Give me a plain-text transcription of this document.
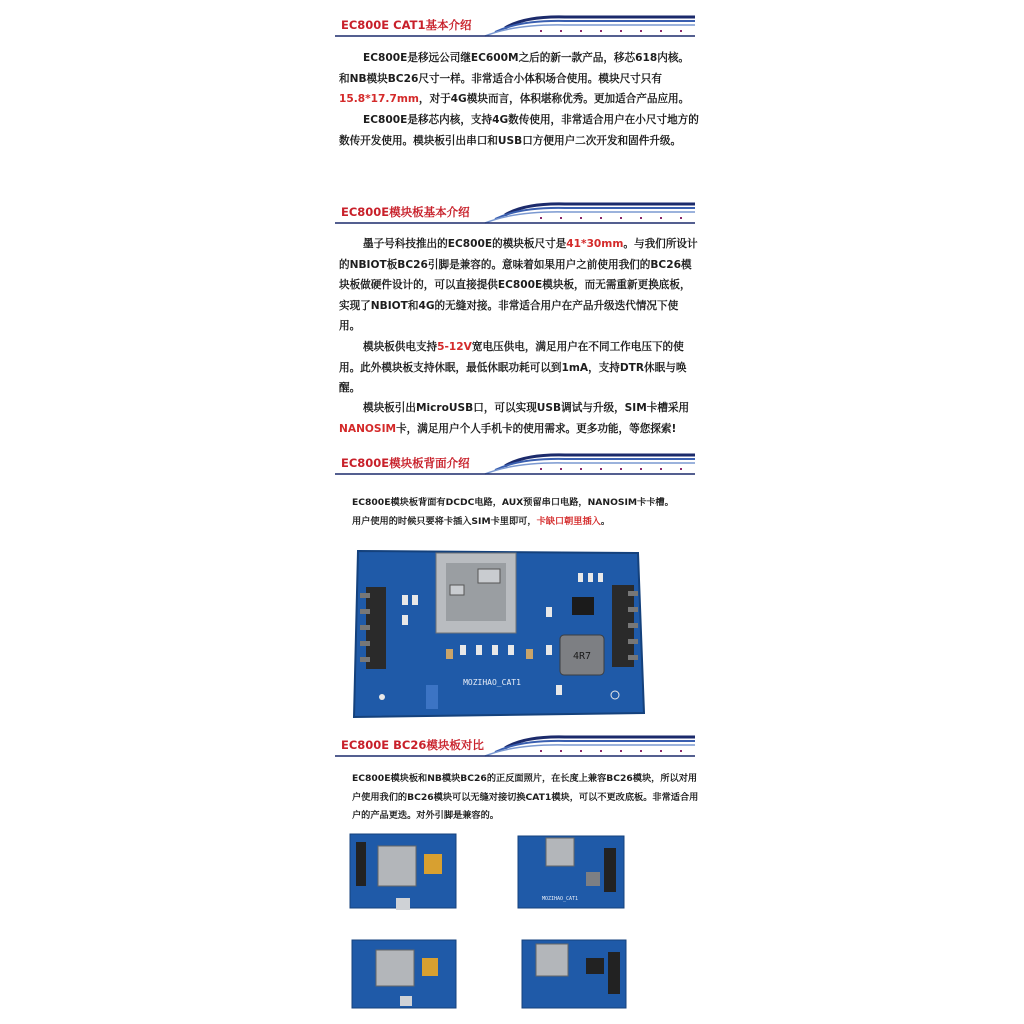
EC800E CAT1基本介绍

EC800E是移远公司继EC600M之后的新一款产品，移芯618内核。和NB模块BC26尺寸一样。非常适合小体积场合使用。模块尺寸只有15.8*17.7mm，对于4G模块而言，体积堪称优秀。更加适合产品应用。

EC800E是移芯内核，支持4G数传使用，非常适合用户在小尺寸地方的数传开发使用。模块板引出串口和USB口方便用户二次开发和固件升级。

EC800E模块板基本介绍

墨子号科技推出的EC800E的模块板尺寸是41*30mm。与我们所设计的NBIOT板BC26引脚是兼容的。意味着如果用户之前使用我们的BC26模块板做硬件设计的，可以直接提供EC800E模块板，而无需重新更换底板，实现了NBIOT和4G的无缝对接。非常适合用户在产品升级迭代情况下使用。

模块板供电支持5-12V宽电压供电，满足用户在不同工作电压下的使用。此外模块板支持休眠，最低休眠功耗可以到1mA，支持DTR休眠与唤醒。

模块板引出MicroUSB口，可以实现USB调试与升级，SIM卡槽采用NANOSIM卡，满足用户个人手机卡的使用需求。更多功能，等您探索!

EC800E模块板背面介绍

EC800E模块板背面有DCDC电路，AUX预留串口电路，NANOSIM卡卡槽。

用户使用的时候只要将卡插入SIM卡里即可，卡缺口朝里插入。

4R7
MOZIHAO_CAT1
EC800E BC26模块板对比

EC800E模块板和NB模块BC26的正反面照片，在长度上兼容BC26模块，所以对用户使用我们的BC26模块可以无缝对接切换CAT1模块，可以不更改底板。非常适合用户的产品更迭。对外引脚是兼容的。

MOZIHAO_CAT1
